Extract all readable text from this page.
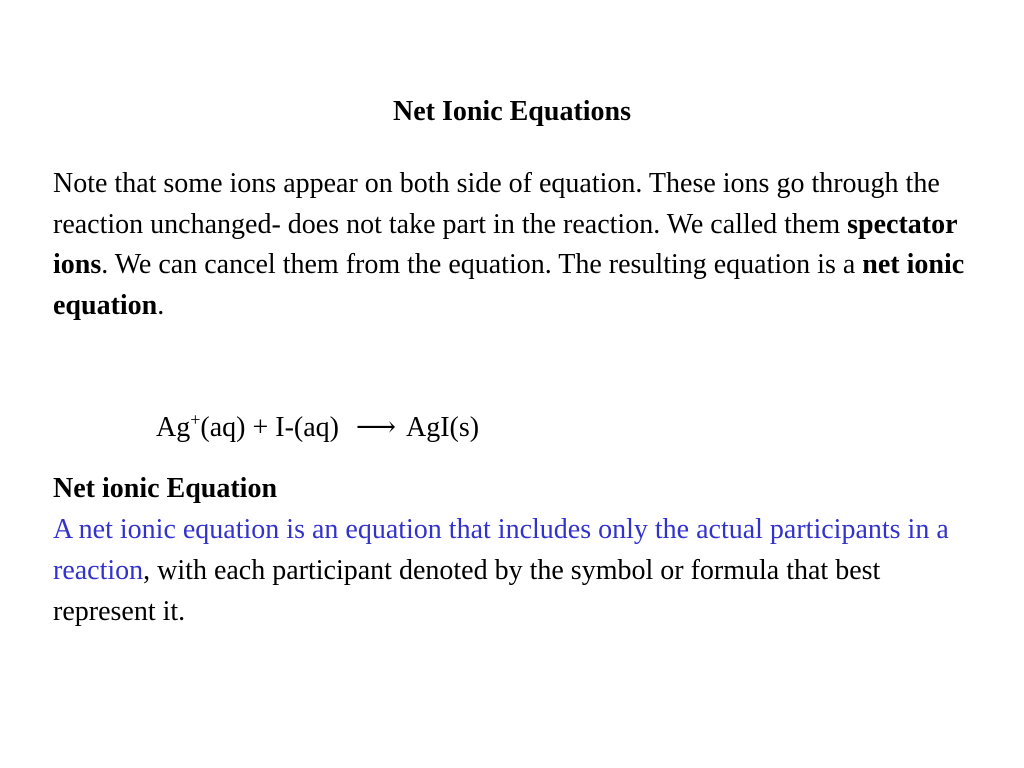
Net Ionic Equations
Note that some ions appear on both side of equation. These ions go through the reaction unchanged- does not take part in the reaction. We called them spectator ions. We can cancel them from the equation. The resulting equation is a net ionic equation.
Ag+(aq) + I-(aq) ⟶ AgI(s)
Net ionic Equation
A net ionic equation is an equation that includes only the actual participants in a reaction, with each participant denoted by the symbol or formula that best represent it.
